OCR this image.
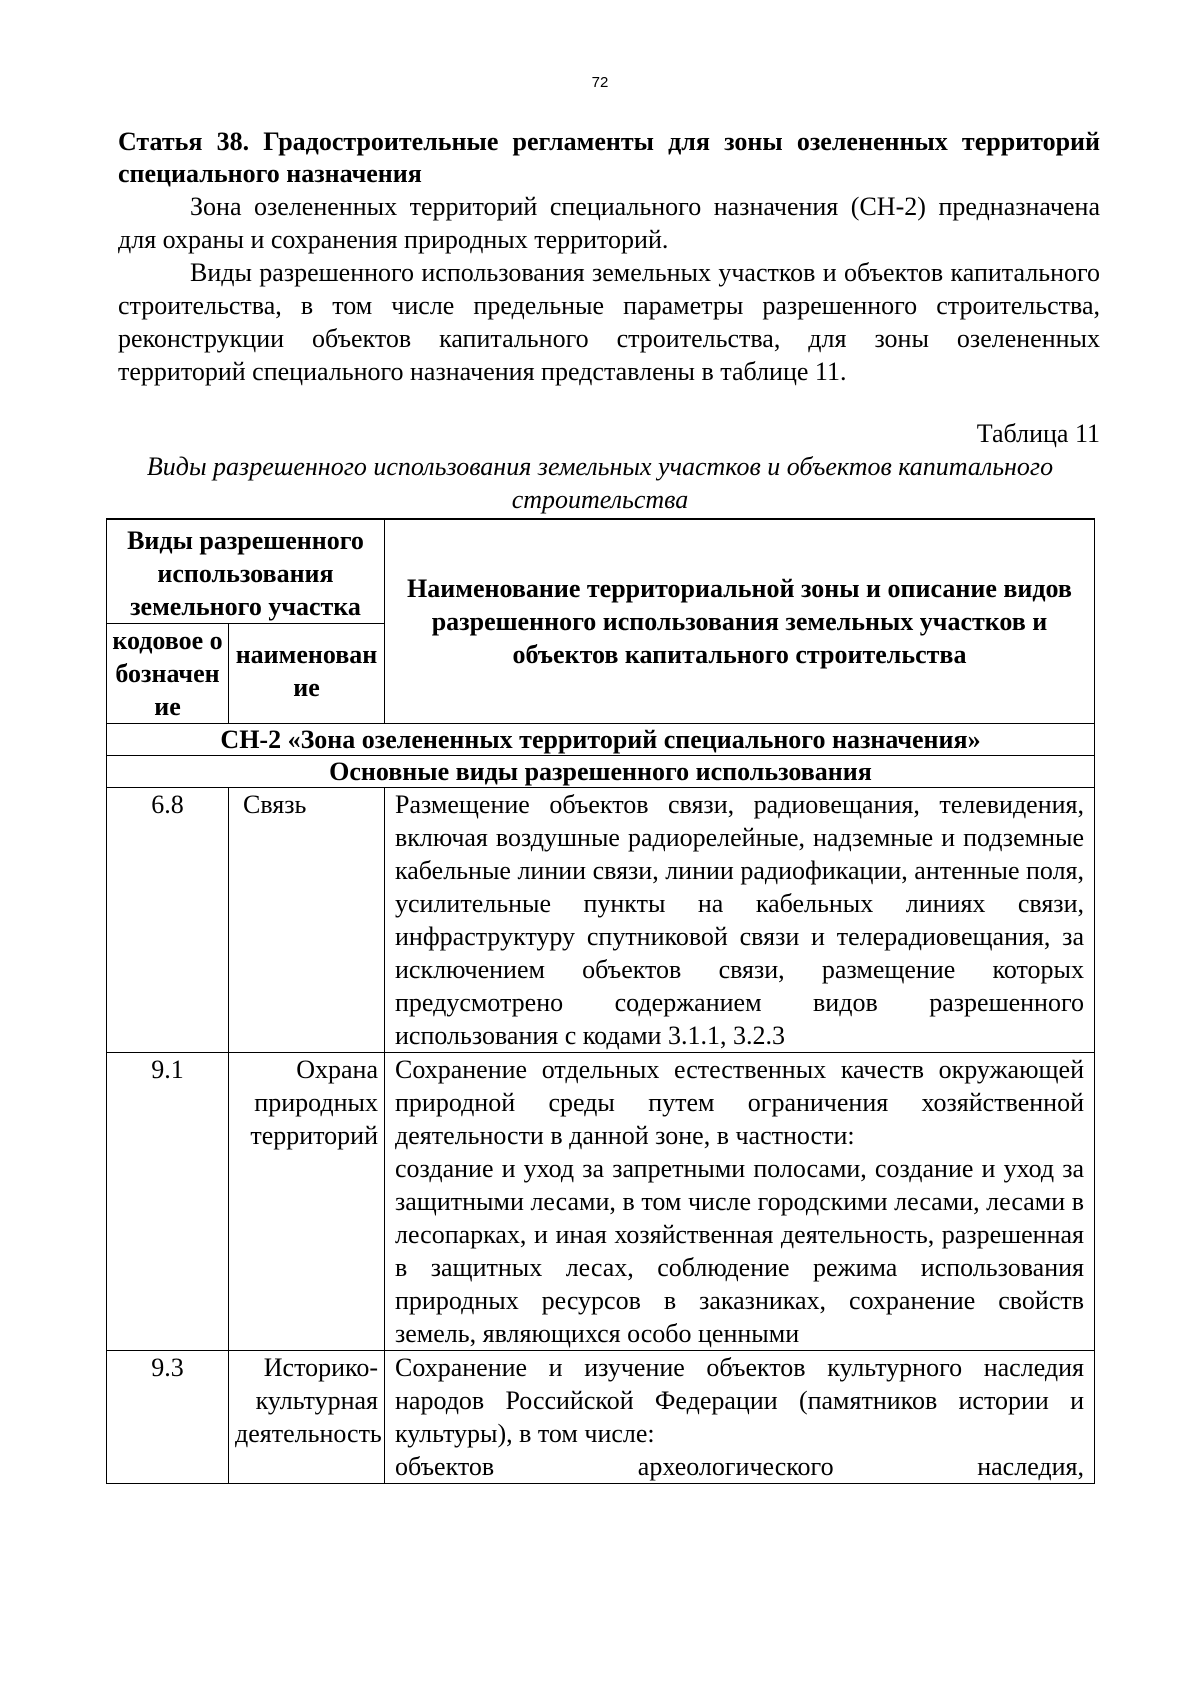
72

Статья 38. Градостроительные регламенты для зоны озелененных территорий специального назначения

Зона озелененных территорий специального назначения (СН-2) предназначена для охраны и сохранения природных территорий.

Виды разрешенного использования земельных участков и объектов капитального строительства, в том числе предельные параметры разрешенного строительства, реконструкции объектов капитального строительства, для зоны озелененных территорий специального назначения представлены в таблице 11.

Таблица 11
Виды разрешенного использования земельных участков и объектов капитального строительства
Виды разрешенного использования земельного участка		Наименование территориальной зоны и описание видов разрешенного использования земельных участков и объектов капитального строительства
кодовое обозначение	наименование	
СН-2 «Зона озелененных территорий специального назначения»		
Основные виды разрешенного использования		
6.8	Связь	Размещение объектов связи, радиовещания, телевидения, включая воздушные радиорелейные, надземные и подземные кабельные линии связи, линии радиофикации, антенные поля, усилительные пункты на кабельных линиях связи, инфраструктуру спутниковой связи и телерадиовещания, за исключением объектов связи, размещение которых предусмотрено содержанием видов разрешенного использования с кодами 3.1.1, 3.2.3

9.1	Охрана природных территорий	Сохранение отдельных естественных качеств окружающей природной среды путем ограничения хозяйственной деятельности в данной зоне, в частности:

создание и уход за запретными полосами, создание и уход за защитными лесами, в том числе городскими лесами, лесами в лесопарках, и иная хозяйственная деятельность, разрешенная в защитных лесах, соблюдение режима использования природных ресурсов в заказниках, сохранение свойств земель, являющихся особо ценными

9.3	Историко-культурная деятельность	Сохранение и изучение объектов культурного наследия народов Российской Федерации (памятников истории и культуры), в том числе:

объектов археологического наследия,
